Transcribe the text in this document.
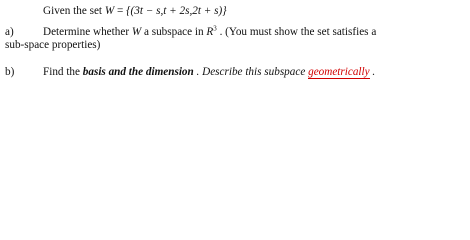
Given the set W = {(3t − s,t + 2s,2t + s)}
a)	Determine whether W a subspace in $R^3$ . (You must show the set satisfies a
sub-space properties)
b)	Find the basis and the dimension . Describe this subspace geometrically .
